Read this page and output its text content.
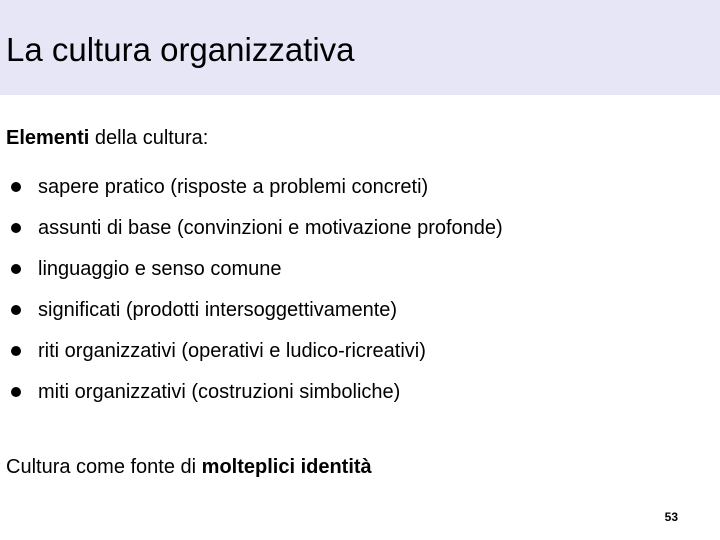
La cultura organizzativa
Elementi della cultura:
sapere pratico (risposte a problemi concreti)
assunti di base (convinzioni e motivazione profonde)
linguaggio e senso comune
significati (prodotti intersoggettivamente)
riti organizzativi (operativi e ludico-ricreativi)
miti organizzativi (costruzioni simboliche)
Cultura come fonte di molteplici identità
53
